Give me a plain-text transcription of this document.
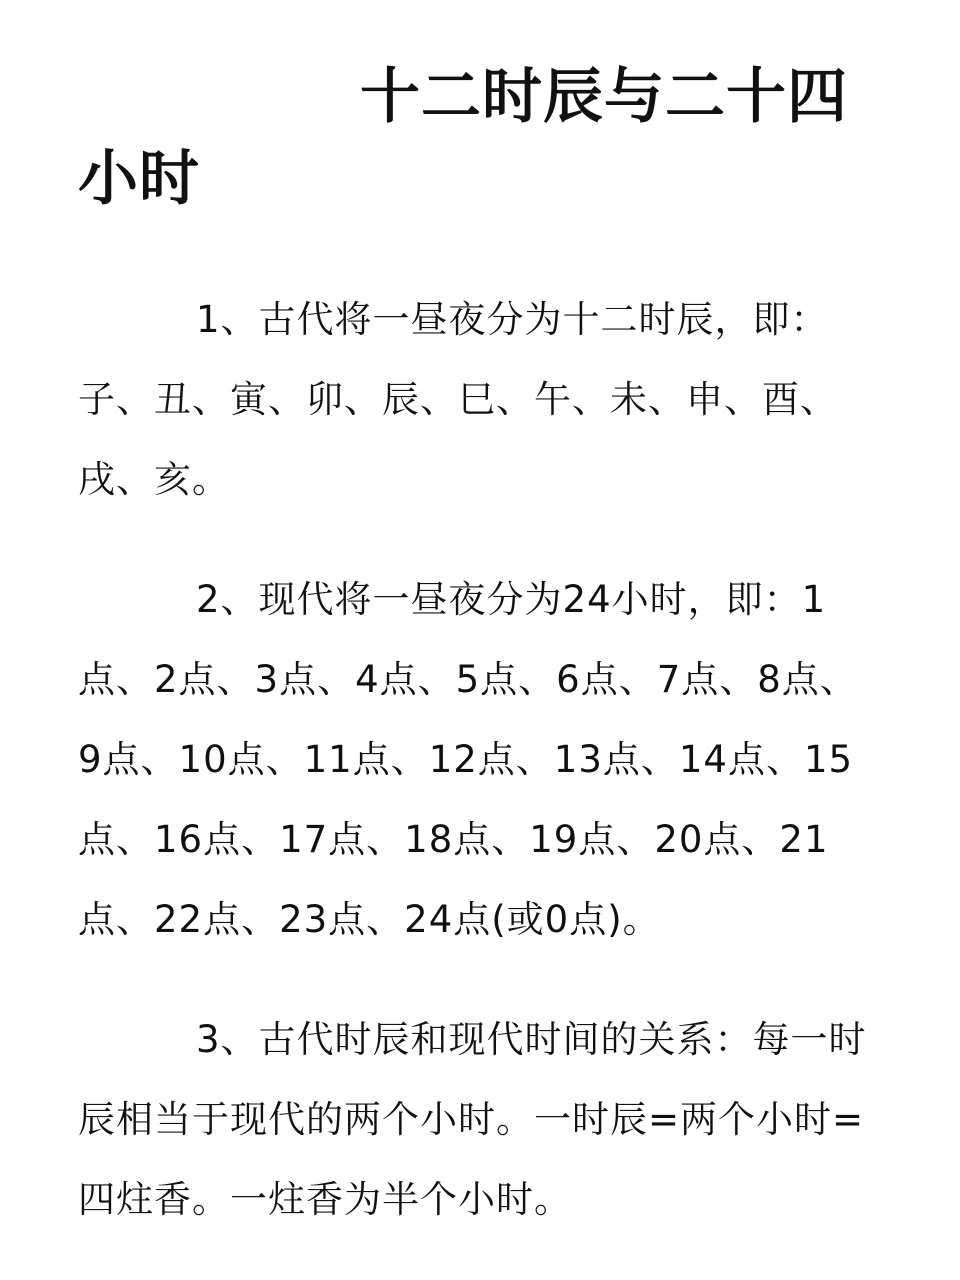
十二时辰与二十四小时

1、古代将一昼夜分为十二时辰，即：子、丑、寅、卯、辰、巳、午、未、申、酉、戌、亥。

2、现代将一昼夜分为24小时，即：1点、2点、3点、4点、5点、6点、7点、8点、9点、10点、11点、12点、13点、14点、15点、16点、17点、18点、19点、20点、21点、22点、23点、24点(或0点)。

3、古代时辰和现代时间的关系：每一时辰相当于现代的两个小时。一时辰=两个小时=四炷香。一炷香为半个小时。
